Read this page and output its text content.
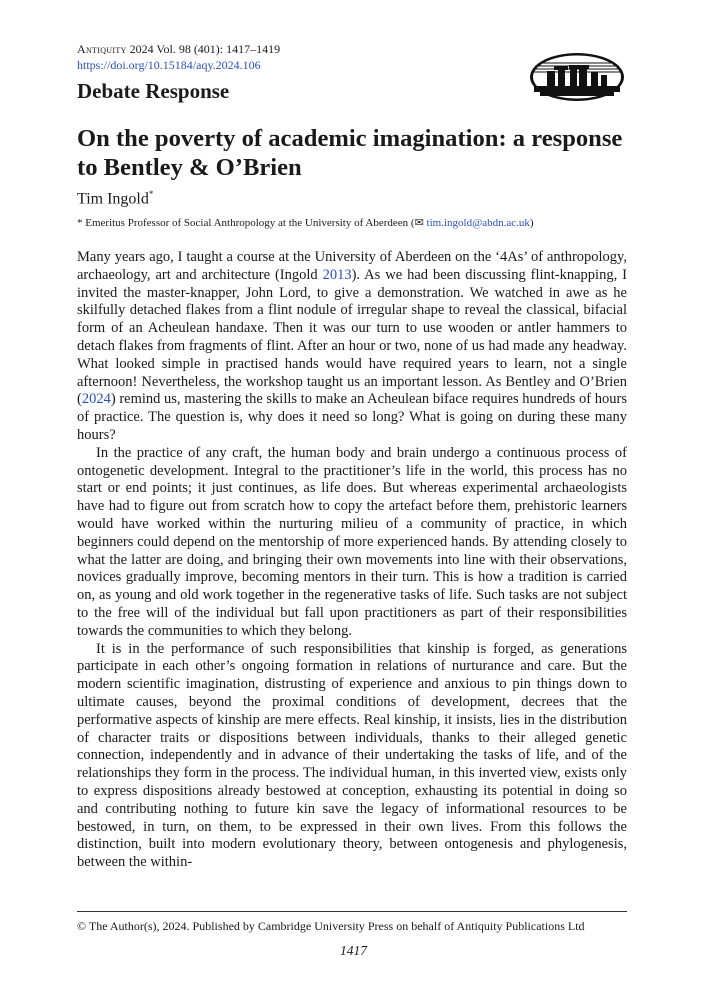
Antiquity 2024 Vol. 98 (401): 1417–1419
https://doi.org/10.15184/aqy.2024.106
Debate Response
On the poverty of academic imagination: a response to Bentley & O’Brien
Tim Ingold*
* Emeritus Professor of Social Anthropology at the University of Aberdeen (✉ tim.ingold@abdn.ac.uk)

Many years ago, I taught a course at the University of Aberdeen on the ‘4As’ of anthropology, archaeology, art and architecture (Ingold 2013). As we had been discussing flint-knapping, I invited the master-knapper, John Lord, to give a demonstration. We watched in awe as he skilfully detached flakes from a flint nodule of irregular shape to reveal the classical, bifacial form of an Acheulean handaxe. Then it was our turn to use wooden or antler hammers to detach flakes from fragments of flint. After an hour or two, none of us had made any headway. What looked simple in practised hands would have required years to learn, not a single afternoon! Nevertheless, the workshop taught us an important lesson. As Bentley and O’Brien (2024) remind us, mastering the skills to make an Acheulean biface requires hundreds of hours of practice. The question is, why does it need so long? What is going on during these many hours?

In the practice of any craft, the human body and brain undergo a continuous process of ontogenetic development. Integral to the practitioner’s life in the world, this process has no start or end points; it just continues, as life does. But whereas experimental archaeologists have had to figure out from scratch how to copy the artefact before them, prehistoric learners would have worked within the nurturing milieu of a community of practice, in which beginners could depend on the mentorship of more experienced hands. By attending closely to what the latter are doing, and bringing their own movements into line with their observations, novices gradually improve, becoming mentors in their turn. This is how a tradition is carried on, as young and old work together in the regenerative tasks of life. Such tasks are not subject to the free will of the individual but fall upon practitioners as part of their responsibilities towards the communities to which they belong.

It is in the performance of such responsibilities that kinship is forged, as generations participate in each other’s ongoing formation in relations of nurturance and care. But the modern scientific imagination, distrusting of experience and anxious to pin things down to ultimate causes, beyond the proximal conditions of development, decrees that the performative aspects of kinship are mere effects. Real kinship, it insists, lies in the distribution of character traits or dispositions between individuals, thanks to their alleged genetic connection, independently and in advance of their undertaking the tasks of life, and of the relationships they form in the process. The individual human, in this inverted view, exists only to express dispositions already bestowed at conception, exhausting its potential in doing so and contributing nothing to future kin save the legacy of informational resources to be bestowed, in turn, on them, to be expressed in their own lives. From this follows the distinction, built into modern evolutionary theory, between ontogenesis and phylogenesis, between the within-

© The Author(s), 2024. Published by Cambridge University Press on behalf of Antiquity Publications Ltd
1417
